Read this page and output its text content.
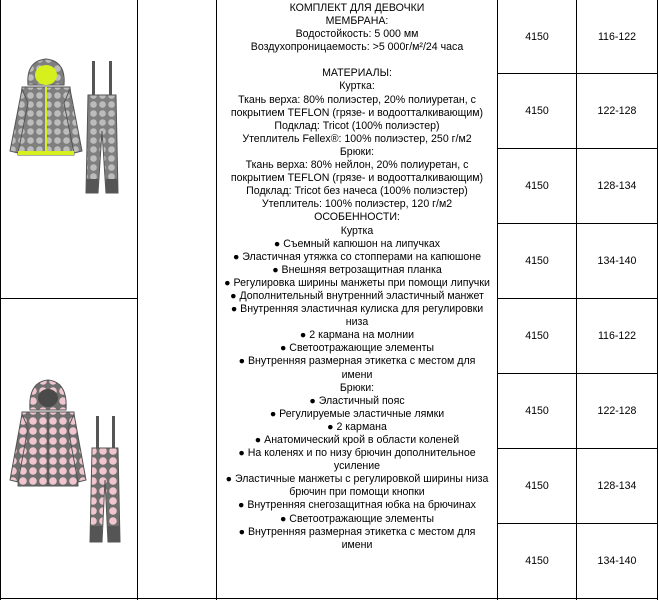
КОМПЛЕКТ ДЛЯ ДЕВОЧКИ
МЕМБРАНА:
Водостойкость: 5 000 мм
Воздухопроницаемость: >5 000г/м²/24 часа
МАТЕРИАЛЫ:
Куртка:
Ткань верха: 80% полиэстер, 20% полиуретан, с
покрытием TEFLON (грязе- и водоотталкивающим)
Подклад: Tricot (100% полиэстер)
Утеплитель Fellex®: 100% полиэстер, 250 г/м2
Брюки:
Ткань верха: 80% нейлон, 20% полиуретан, с
покрытием TEFLON (грязе- и водоотталкивающим)
Подклад: Tricot без начеса (100% полиэстер)
Утеплитель: 100% полиэстер, 120 г/м2
ОСОБЕННОСТИ:
Куртка
● Съемный капюшон на липучках
● Эластичная утяжка со стопперами на капюшоне
● Внешняя ветрозащитная планка
● Регулировка ширины манжеты при помощи липучки
● Дополнительный внутренний эластичный манжет
● Внутренняя эластичная кулиска для регулировки низа
● 2 кармана на молнии
● Светоотражающие элементы
● Внутренняя размерная этикетка с местом для имени
Брюки:
● Эластичный пояс
● Регулируемые эластичные лямки
● 2 кармана
● Анатомический крой в области коленей
● На коленях и по низу брючин дополнительное усиление
● Эластичные манжеты с регулировкой ширины низа брючин при помощи кнопки
● Внутренняя снегозащитная юбка на брючинах
● Светоотражающие элементы
● Внутренняя размерная этикетка с местом для имени
4150	116-122
4150	122-128
4150	128-134
4150	134-140
4150	116-122
4150	122-128
4150	128-134
4150	134-140
